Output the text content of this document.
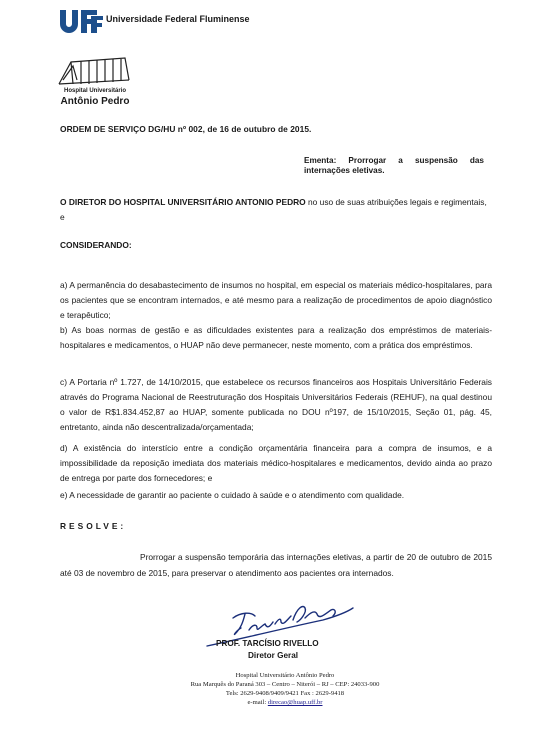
Universidade Federal Fluminense
Hospital Universitário
Antônio Pedro
ORDEM DE SERVIÇO DG/HU nº 002, de 16 de outubro de 2015.
Ementa: Prorrogar a suspensão das internações eletivas.
O DIRETOR DO HOSPITAL UNIVERSITÁRIO ANTONIO PEDRO no uso de suas atribuições legais e regimentais, e
CONSIDERANDO:
a) A permanência do desabastecimento de insumos no hospital, em especial os materiais médico-hospitalares, para os pacientes que se encontram internados, e até mesmo para a realização de procedimentos de apoio diagnóstico e terapêutico;
b) As boas normas de gestão e as dificuldades existentes para a realização dos empréstimos de materiais-hospitalares e medicamentos, o HUAP não deve permanecer, neste momento, com a prática dos empréstimos.
c) A Portaria nº 1.727, de 14/10/2015, que estabelece os recursos financeiros aos Hospitais Universitário Federais através do Programa Nacional de Reestruturação dos Hospitais Universitários Federais (REHUF), na qual destinou o valor de R$1.834.452,87 ao HUAP, somente publicada no DOU nº197, de 15/10/2015, Seção 01, pág. 45, entretanto, ainda não descentralizada/orçamentada;
d) A existência do interstício entre a condição orçamentária financeira para a compra de insumos, e a impossibilidade da reposição imediata dos materiais médico-hospitalares e medicamentos, devido ainda ao prazo de entrega por parte dos fornecedores; e
e) A necessidade de garantir ao paciente o cuidado à saúde e o atendimento com qualidade.
RESOLVE:
Prorrogar a suspensão temporária das internações eletivas, a partir de 20 de outubro de 2015 até 03 de novembro de 2015, para preservar o atendimento aos pacientes ora internados.
PROF. TARCÍSIO RIVELLO
Diretor Geral
Hospital Universitário Antônio Pedro
Rua Marquês do Paraná 303 – Centro – Niterói – RJ – CEP: 24033-900
Tels: 2629-9408/9409/9421 Fax : 2629-9418
e-mail: direcao@huap.uff.br
